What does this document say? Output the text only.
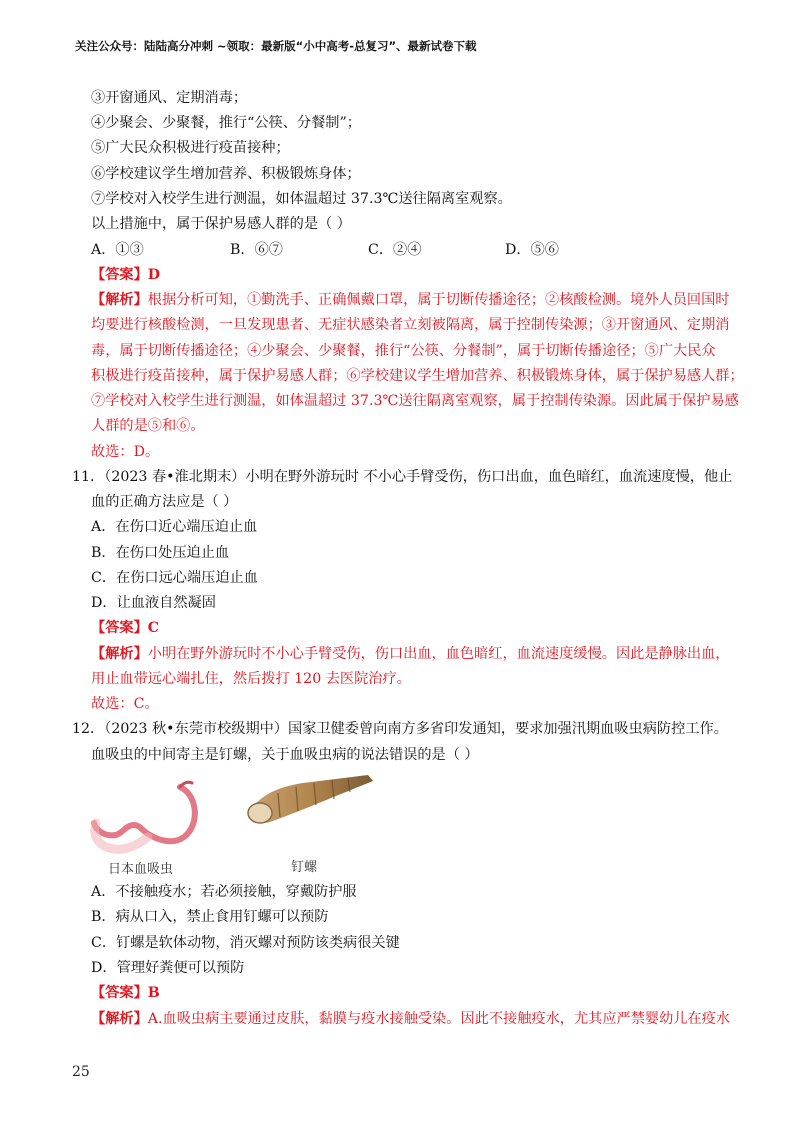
关注公众号：陆陆高分冲刺 ~领取：最新版“小中高考-总复习”、最新试卷下载
③开窗通风、定期消毒；
④少聚会、少聚餐，推行“公筷、分餐制”；
⑤广大民众积极进行疫苗接种；
⑥学校建议学生增加营养、积极锻炼身体；
⑦学校对入校学生进行测温，如体温超过 37.3℃送往隔离室观察。
以上措施中，属于保护易感人群的是（ ）
A．①③	B．⑥⑦	C．②④	D．⑤⑥
【答案】D
【解析】根据分析可知，①勤洗手、正确佩戴口罩，属于切断传播途径；②核酸检测。境外人员回国时
均要进行核酸检测，一旦发现患者、无症状感染者立刻被隔离，属于控制传染源；③开窗通风、定期消
毒，属于切断传播途径；④少聚会、少聚餐，推行“公筷、分餐制”，属于切断传播途径；⑤广大民众
积极进行疫苗接种，属于保护易感人群；⑥学校建议学生增加营养、积极锻炼身体，属于保护易感人群；
⑦学校对入校学生进行测温，如体温超过 37.3℃送往隔离室观察，属于控制传染源。因此属于保护易感
人群的是⑤和⑥。
故选：D。
11．（2023 春•淮北期末）小明在野外游玩时 不小心手臂受伤，伤口出血，血色暗红，血流速度慢，他止
血的正确方法应是（ ）
A．在伤口近心端压迫止血
B．在伤口处压迫止血
C．在伤口远心端压迫止血
D．让血液自然凝固
【答案】C
【解析】小明在野外游玩时不小心手臂受伤，伤口出血，血色暗红，血流速度缓慢。因此是静脉出血，
用止血带远心端扎住，然后拨打 120 去医院治疗。
故选：C。
12．（2023 秋•东莞市校级期中）国家卫健委曾向南方多省印发通知，要求加强汛期血吸虫病防控工作。
血吸虫的中间寄主是钉螺，关于血吸虫病的说法错误的是（ ）
日本血吸虫	钉螺
A．不接触疫水；若必须接触，穿戴防护服
B．病从口入，禁止食用钉螺可以预防
C．钉螺是软体动物，消灭螺对预防该类病很关键
D．管理好粪便可以预防
【答案】B
【解析】A.血吸虫病主要通过皮肤，黏膜与疫水接触受染。因此不接触疫水，尤其应严禁婴幼儿在疫水
25
